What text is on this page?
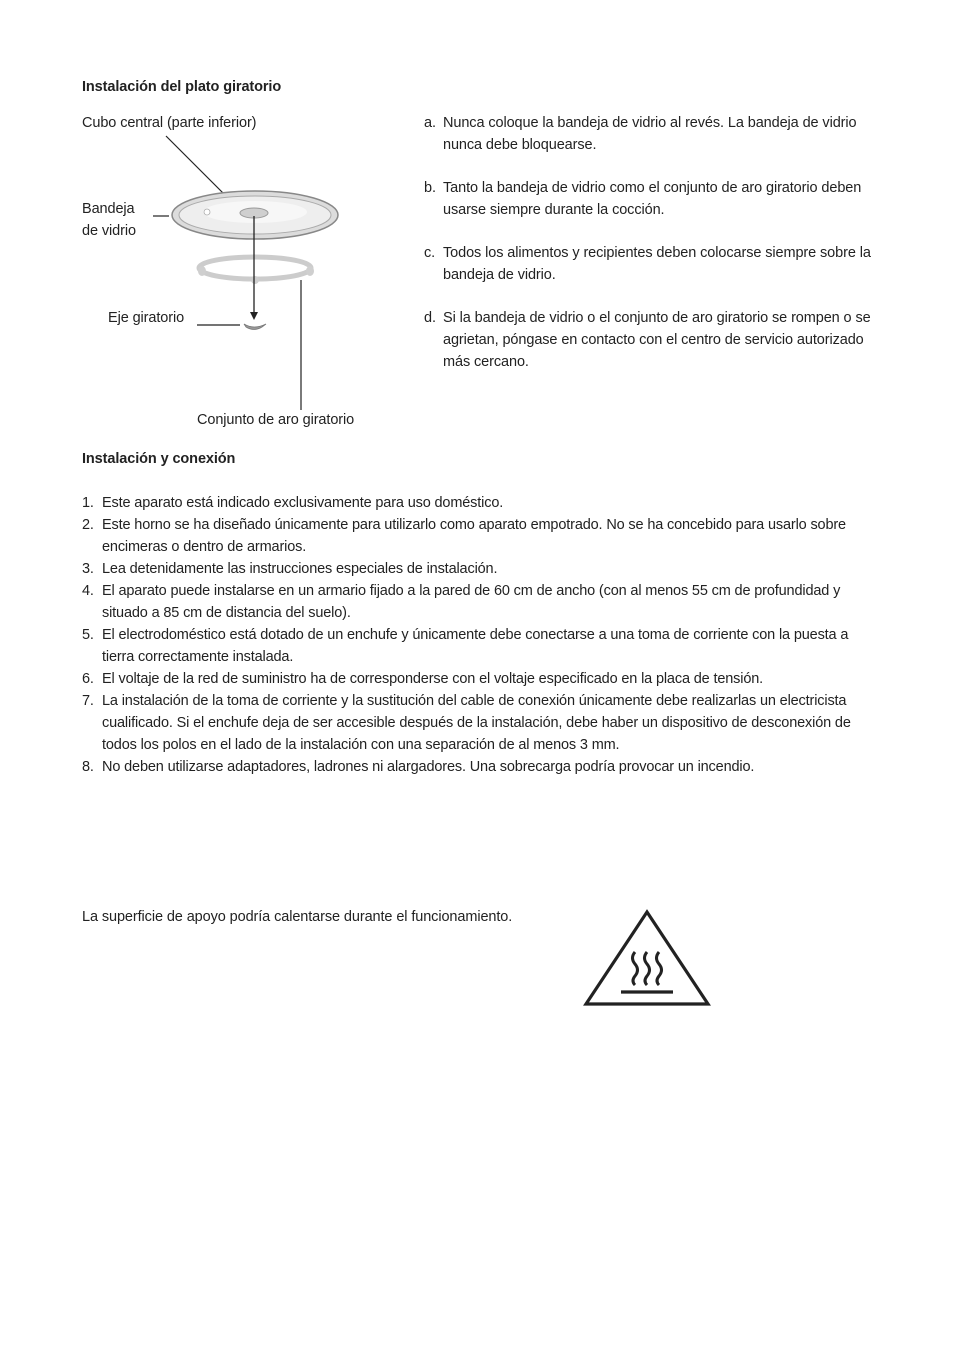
Instalación del plato giratorio
Cubo central (parte inferior)
Bandeja
de vidrio
Eje giratorio
Conjunto de aro giratorio
a. Nunca coloque la bandeja de vidrio al revés. La bandeja de vidrio nunca debe bloquearse.
b. Tanto la bandeja de vidrio como el conjunto de aro giratorio deben usarse siempre durante la cocción.
c. Todos los alimentos y recipientes deben colocarse siempre sobre la bandeja de vidrio.
d. Si la bandeja de vidrio o el conjunto de aro giratorio se rompen o se agrietan, póngase en contacto con el centro de servicio autorizado más cercano.
Instalación y conexión
1. Este aparato está indicado exclusivamente para uso doméstico.
2. Este horno se ha diseñado únicamente para utilizarlo como aparato empotrado. No se ha concebido para usarlo sobre encimeras o dentro de armarios.
3. Lea detenidamente las instrucciones especiales de instalación.
4. El aparato puede instalarse en un armario fijado a la pared de 60 cm de ancho (con al menos 55 cm de profundidad y situado a 85 cm de distancia del suelo).
5. El electrodoméstico está dotado de un enchufe y únicamente debe conectarse a una toma de corriente con la puesta a tierra correctamente instalada.
6. El voltaje de la red de suministro ha de corresponderse con el voltaje especificado en la placa de tensión.
7. La instalación de la toma de corriente y la sustitución del cable de conexión únicamente debe realizarlas un electricista cualificado. Si el enchufe deja de ser accesible después de la instalación, debe haber un dispositivo de desconexión de todos los polos en el lado de la instalación con una separación de al menos 3 mm.
8. No deben utilizarse adaptadores, ladrones ni alargadores. Una sobrecarga podría provocar un incendio.
La superficie de apoyo podría calentarse durante el funcionamiento.
